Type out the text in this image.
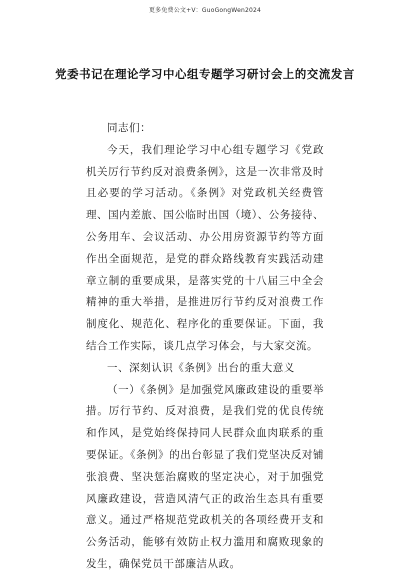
更多免费公文+V：GuoGongWen2024
党委书记在理论学习中心组专题学习研讨会上的交流发言

同志们：

今天，我们理论学习中心组专题学习《党政机关厉行节约反对浪费条例》，这是一次非常及时且必要的学习活动。《条例》对党政机关经费管理、国内差旅、国公临时出国（境）、公务接待、公务用车、会议活动、办公用房资源节约等方面作出全面规范，是党的群众路线教育实践活动建章立制的重要成果，是落实党的十八届三中全会精神的重大举措，是推进厉行节约反对浪费工作制度化、规范化、程序化的重要保证。下面，我结合工作实际，谈几点学习体会，与大家交流。

一、深刻认识《条例》出台的重大意义

（一）《条例》是加强党风廉政建设的重要举措。厉行节约、反对浪费，是我们党的优良传统和作风，是党始终保持同人民群众血肉联系的重要保证。《条例》的出台彰显了我们党坚决反对铺张浪费、坚决惩治腐败的坚定决心，对于加强党风廉政建设，营造风清气正的政治生态具有重要意义。通过严格规范党政机关的各项经费开支和公务活动，能够有效防止权力滥用和腐败现象的发生，确保党员干部廉洁从政。
